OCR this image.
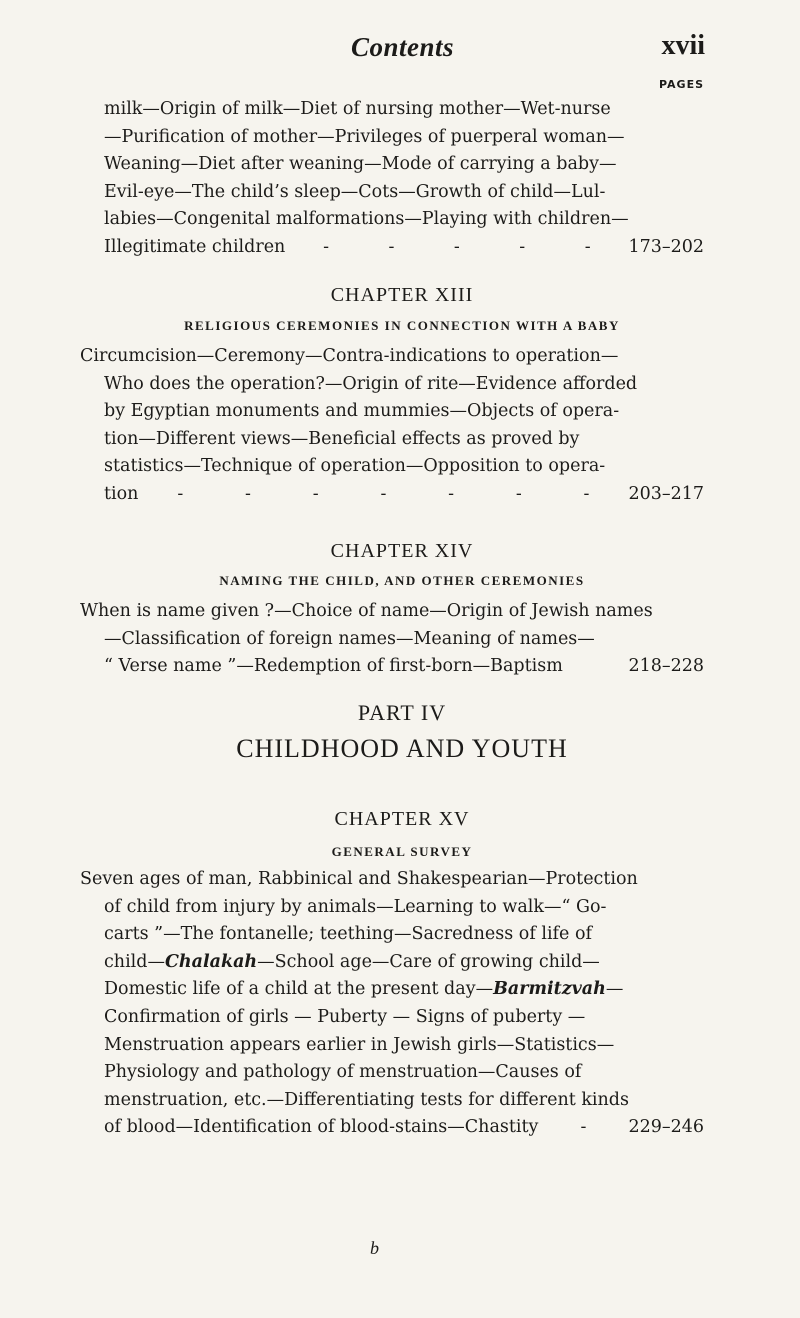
Contents	xvii
PAGES
milk—Origin of milk—Diet of nursing mother—Wet-nurse
—Purification of mother—Privileges of puerperal woman—
Weaning—Diet after weaning—Mode of carrying a baby—
Evil-eye—The child’s sleep—Cots—Growth of child—Lul-
labies—Congenital malformations—Playing with children—
Illegitimate children -	-	-	-	- 173–202
CHAPTER XIII
RELIGIOUS CEREMONIES IN CONNECTION WITH A BABY
Circumcision—Ceremony—Contra-indications to operation—
Who does the operation?—Origin of rite—Evidence afforded
by Egyptian monuments and mummies—Objects of opera-
tion—Different views—Beneficial effects as proved by
statistics—Technique of operation—Opposition to opera-
tion -	-	-	-	-	-	- 203–217
CHAPTER XIV
NAMING THE CHILD, AND OTHER CEREMONIES
When is name given ?—Choice of name—Origin of Jewish names
—Classification of foreign names—Meaning of names—
“ Verse name ”—Redemption of first-born—Baptism	218–228
PART IV
CHILDHOOD AND YOUTH
CHAPTER XV
GENERAL SURVEY
Seven ages of man, Rabbinical and Shakespearian—Protection
of child from injury by animals—Learning to walk—“ Go-
carts ”—The fontanelle; teething—Sacredness of life of
child—Chalakah—School age—Care of growing child—
Domestic life of a child at the present day—Barmitzvah—
Confirmation of girls — Puberty — Signs of puberty —
Menstruation appears earlier in Jewish girls—Statistics—
Physiology and pathology of menstruation—Causes of
menstruation, etc.—Differentiating tests for different kinds
of blood—Identification of blood-stains—Chastity	-	229–246
b
